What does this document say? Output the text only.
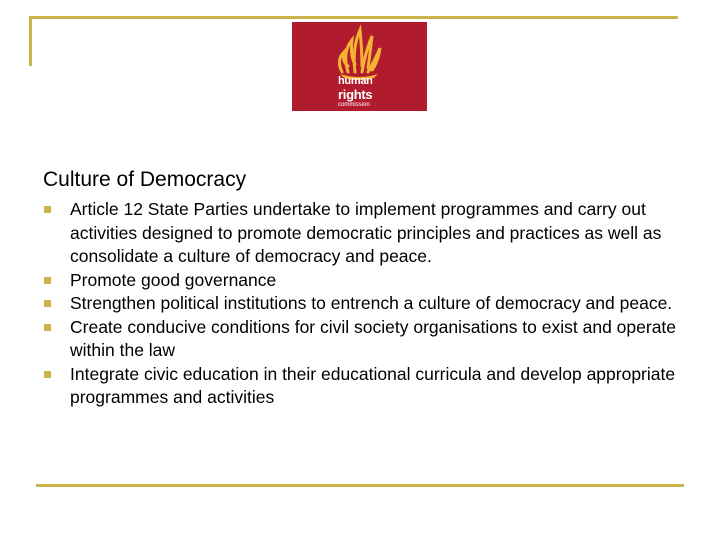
human
rights
commission
Culture of Democracy
Article 12 State Parties undertake to implement programmes and carry out activities designed to promote democratic principles and practices as well as consolidate a culture of democracy and peace.
Promote good governance
Strengthen political institutions to entrench a culture of democracy and peace.
Create conducive conditions for civil society organisations to exist and operate within the law
Integrate civic education in their educational curricula and develop appropriate programmes and activities
